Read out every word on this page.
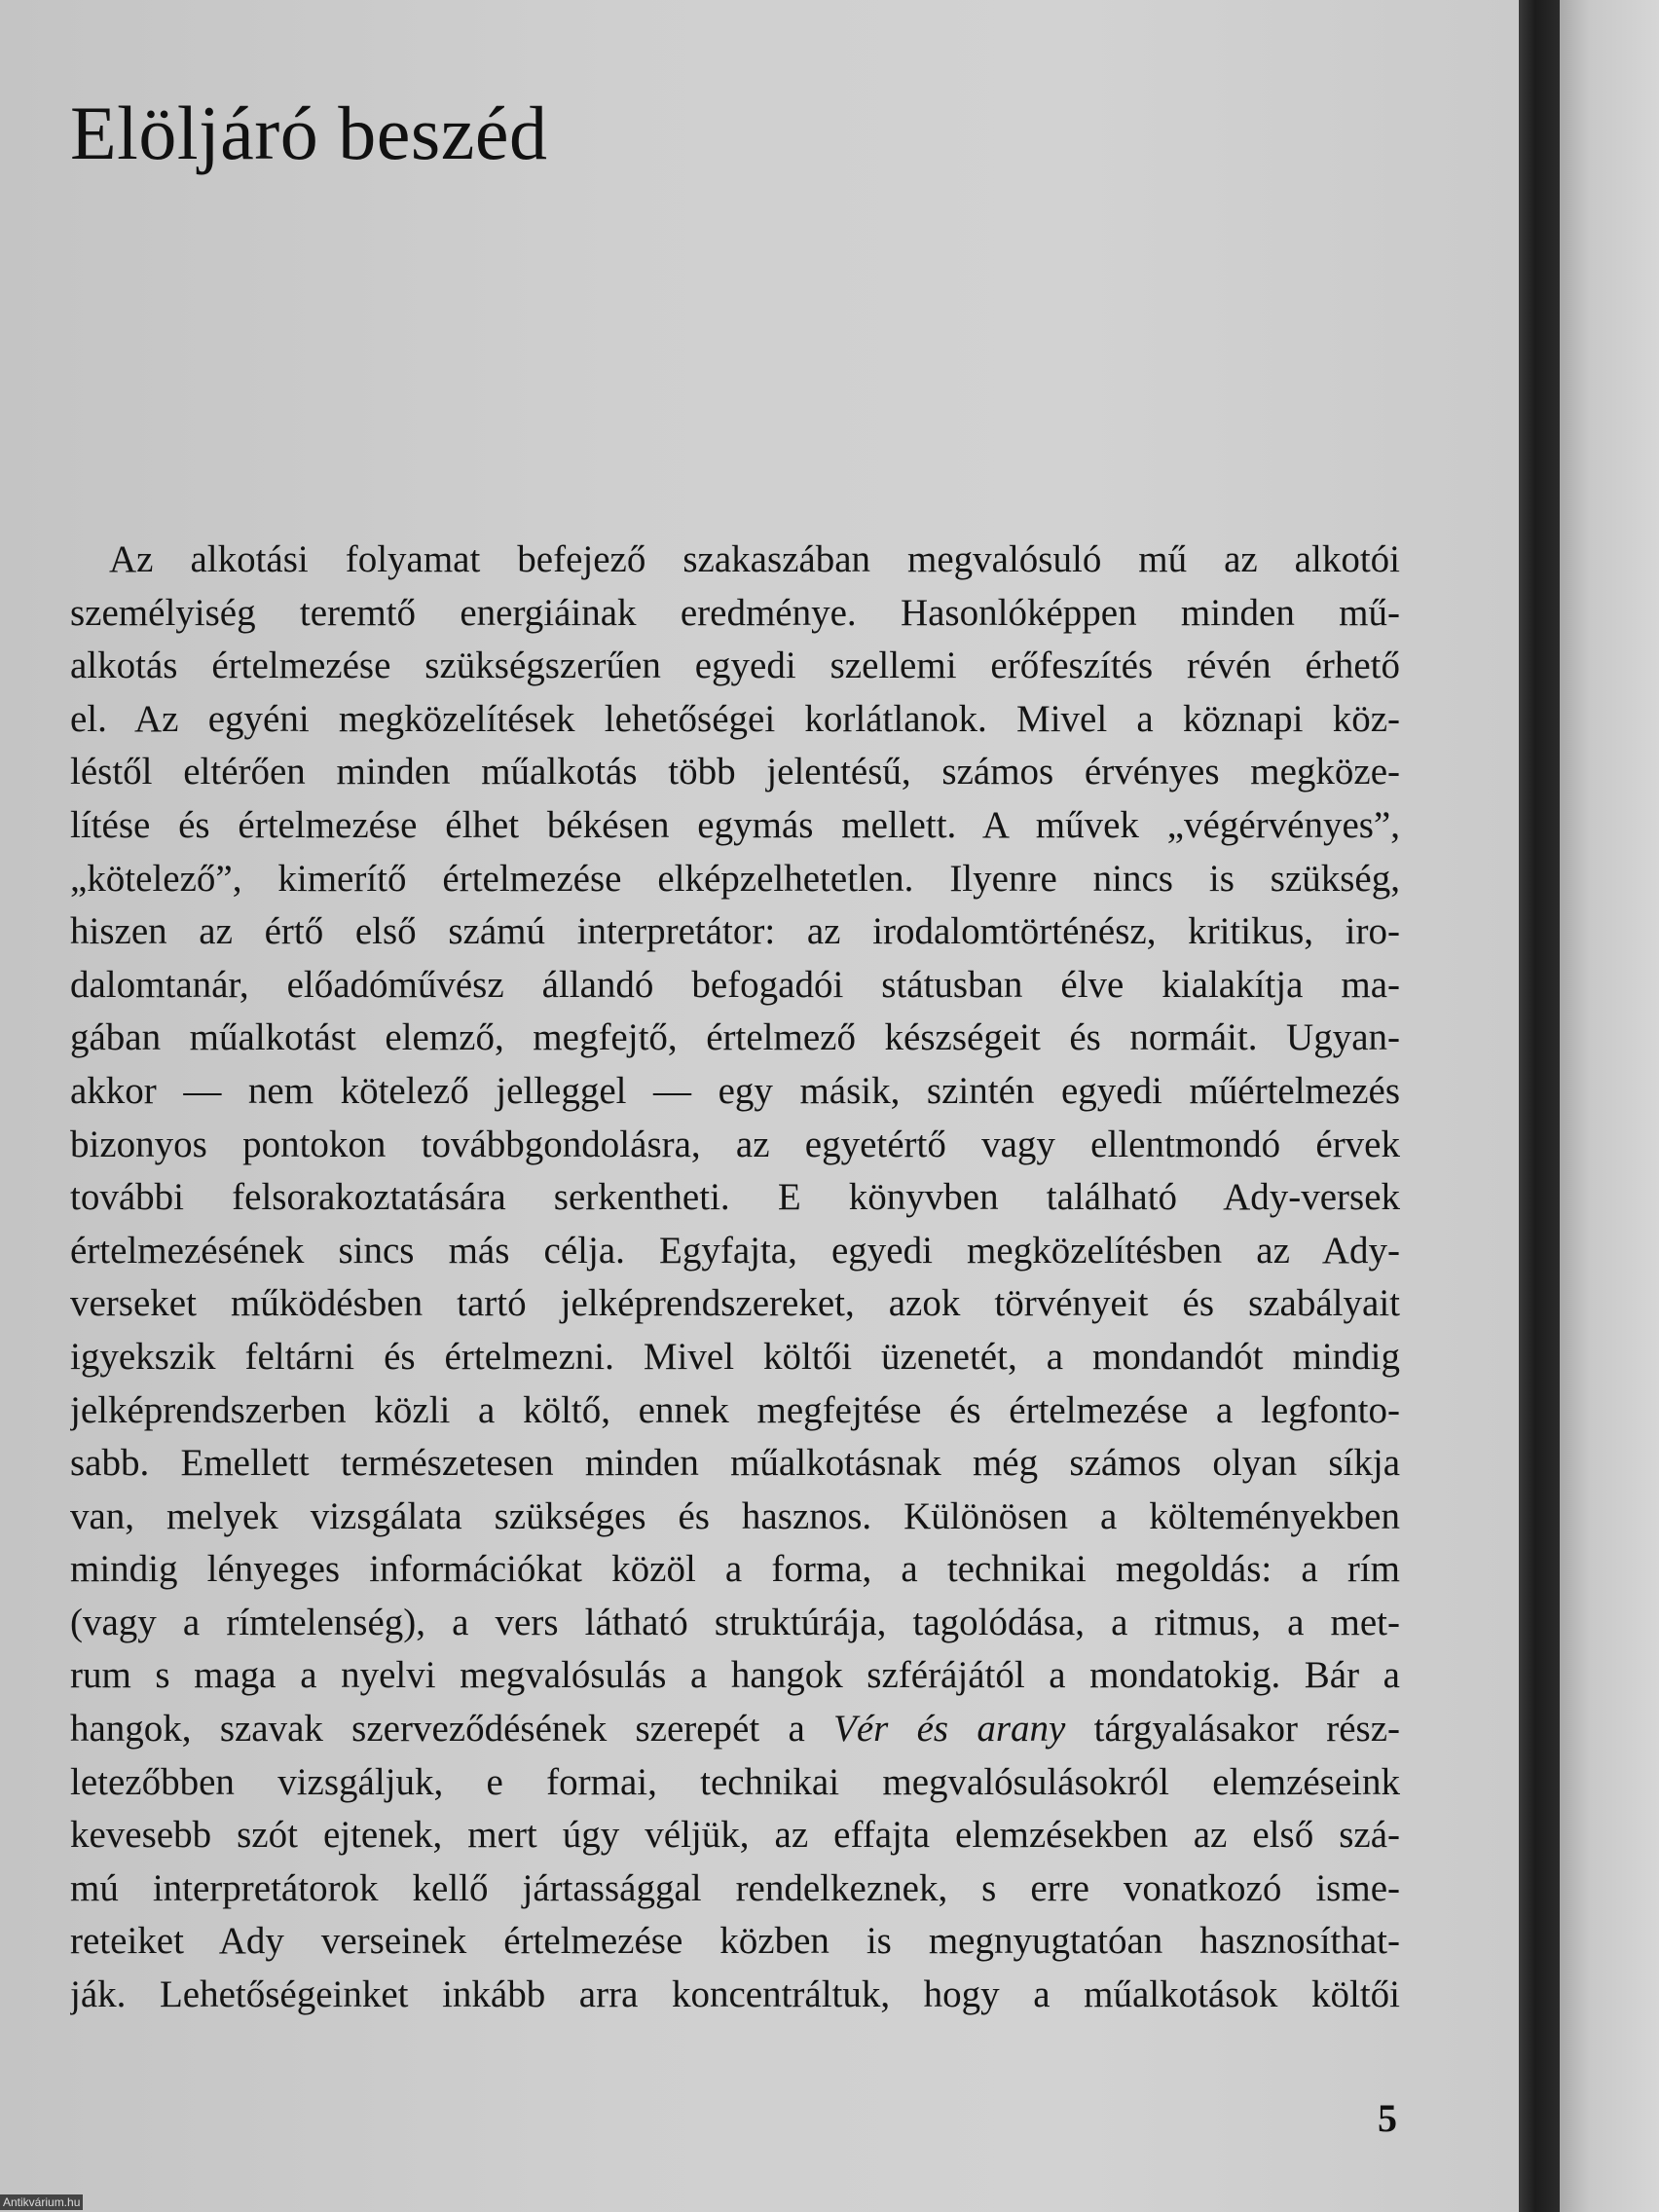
Elöljáró beszéd
Az alkotási folyamat befejező szakaszában megvalósuló mű az alkotói
személyiség teremtő energiáinak eredménye. Hasonlóképpen minden mű-
alkotás értelmezése szükségszerűen egyedi szellemi erőfeszítés révén érhető
el. Az egyéni megközelítések lehetőségei korlátlanok. Mivel a köznapi köz-
léstől eltérően minden műalkotás több jelentésű, számos érvényes megköze-
lítése és értelmezése élhet békésen egymás mellett. A művek „végérvényes”,
„kötelező”, kimerítő értelmezése elképzelhetetlen. Ilyenre nincs is szükség,
hiszen az értő első számú interpretátor: az irodalomtörténész, kritikus, iro-
dalomtanár, előadóművész állandó befogadói státusban élve kialakítja ma-
gában műalkotást elemző, megfejtő, értelmező készségeit és normáit. Ugyan-
akkor — nem kötelező jelleggel — egy másik, szintén egyedi műértelmezés
bizonyos pontokon továbbgondolásra, az egyetértő vagy ellentmondó érvek
további felsorakoztatására serkentheti. E könyvben található Ady-versek
értelmezésének sincs más célja. Egyfajta, egyedi megközelítésben az Ady-
verseket működésben tartó jelképrendszereket, azok törvényeit és szabályait
igyekszik feltárni és értelmezni. Mivel költői üzenetét, a mondandót mindig
jelképrendszerben közli a költő, ennek megfejtése és értelmezése a legfonto-
sabb. Emellett természetesen minden műalkotásnak még számos olyan síkja
van, melyek vizsgálata szükséges és hasznos. Különösen a költeményekben
mindig lényeges információkat közöl a forma, a technikai megoldás: a rím
(vagy a rímtelenség), a vers látható struktúrája, tagolódása, a ritmus, a met-
rum s maga a nyelvi megvalósulás a hangok szférájától a mondatokig. Bár a
hangok, szavak szerveződésének szerepét a Vér és arany tárgyalásakor rész-
letezőbben vizsgáljuk, e formai, technikai megvalósulásokról elemzéseink
kevesebb szót ejtenek, mert úgy véljük, az effajta elemzésekben az első szá-
mú interpretátorok kellő jártassággal rendelkeznek, s erre vonatkozó isme-
reteiket Ady verseinek értelmezése közben is megnyugtatóan hasznosíthat-
ják. Lehetőségeinket inkább arra koncentráltuk, hogy a műalkotások költői
5
Antikvárium.hu
